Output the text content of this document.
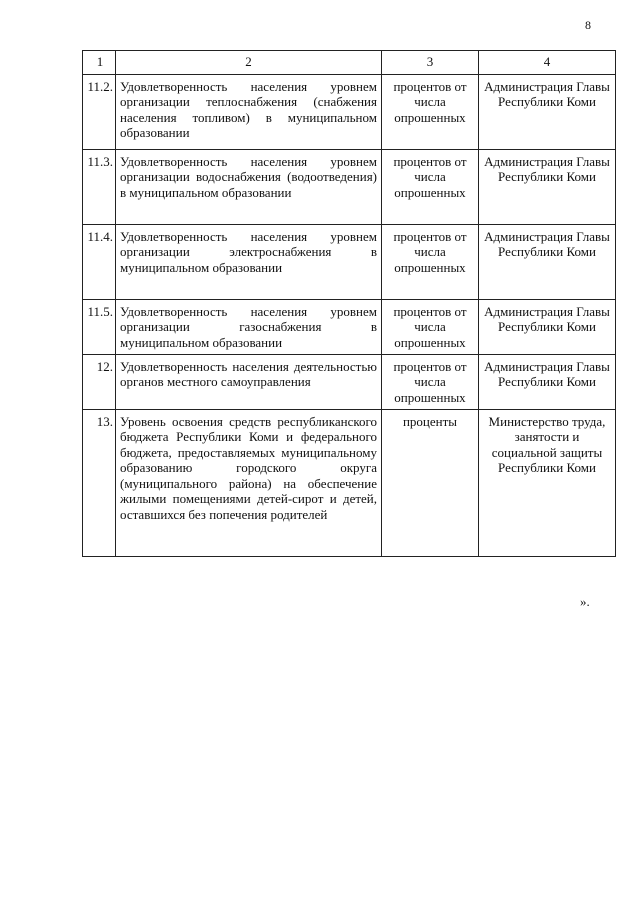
8
1	2	3	4
11.2.	Удовлетворенность населения уровнем организации теплоснабжения (снабжения населения топливом) в муниципальном образовании	процентов от числа опрошенных	Администрация Главы Республики Коми
11.3.	Удовлетворенность населения уровнем организации водоснабжения (водоотведения) в муниципальном образовании	процентов от числа опрошенных	Администрация Главы Республики Коми
11.4.	Удовлетворенность населения уровнем организации электроснабжения в муниципальном образовании	процентов от числа опрошенных	Администрация Главы Республики Коми
11.5.	Удовлетворенность населения уровнем организации газоснабжения в муниципальном образовании	процентов от числа опрошенных	Администрация Главы Республики Коми
12.	Удовлетворенность населения деятельностью органов местного самоуправления	процентов от числа опрошенных	Администрация Главы Республики Коми
13.	Уровень освоения средств республиканского бюджета Республики Коми и федерального бюджета, предоставляемых муниципальному образованию городского округа (муниципального района) на обеспечение жилыми помещениями детей-сирот и детей, оставшихся без попечения родителей	проценты	Министерство труда, занятости и социальной защиты Республики Коми
».
